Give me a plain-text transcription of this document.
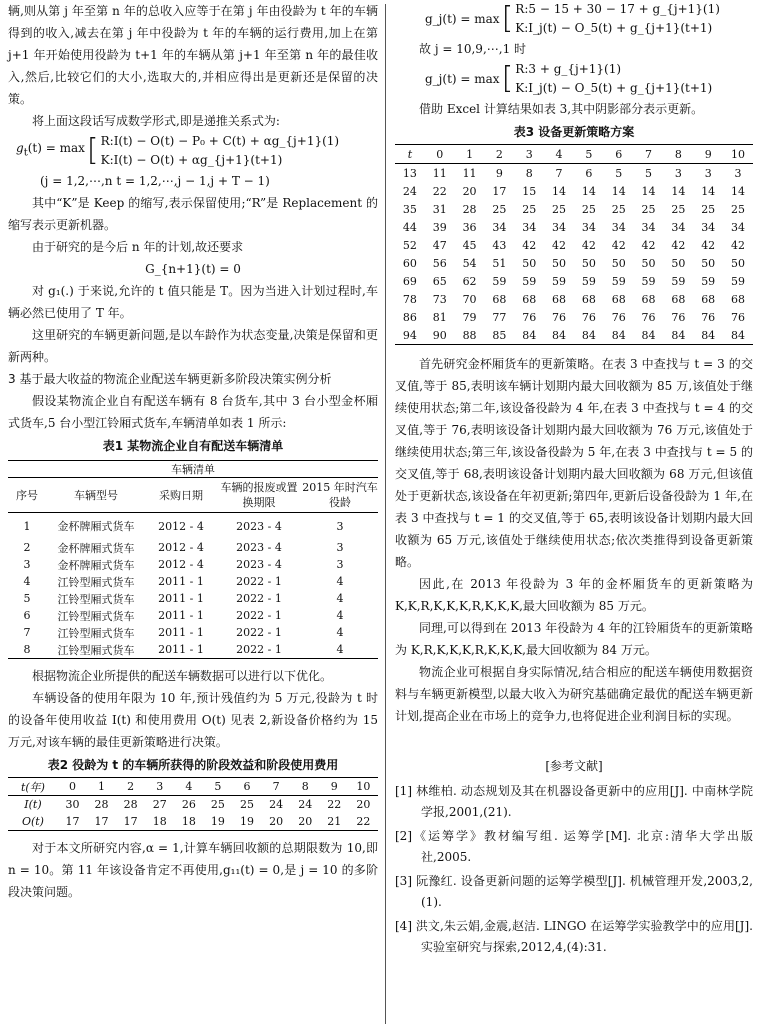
辆,则从第 j 年至第 n 年的总收入应等于在第 j 年由役龄为 t 年的车辆得到的收入,减去在第 j 年中役龄为 t 年的车辆的运行费用,加上在第 j+1 年开始使用役龄为 t+1 年的车辆从第 j+1 年至第 n 年的最佳收入,然后,比较它们的大小,选取大的,并相应得出是更新还是保留的决策。

将上面这段话写成数学形式,即是递推关系式为:

$g_t(t) = \max$ [ R:I(t) − O(t) − P₀ + C(t) + αg_{j+1}(1)
K:I(t) − O(t) + αg_{j+1}(t+1)
(j = 1,2,⋯,n t = 1,2,⋯,j − 1,j + T − 1)

其中“K”是 Keep 的缩写,表示保留使用;“R”是 Replacement 的缩写表示更新机器。

由于研究的是今后 n 年的计划,故还要求

G_{n+1}(t) = 0

对 g₁(.) 于来说,允许的 t 值只能是 T。因为当进入计划过程时,车辆必然已使用了 T 年。

这里研究的车辆更新问题,是以车龄作为状态变量,决策是保留和更新两种。

3 基于最大收益的物流企业配送车辆更新多阶段决策实例分析

假设某物流企业自有配送车辆有 8 台货车,其中 3 台小型金杯厢式货车,5 台小型江铃厢式货车,车辆清单如表 1 所示:

表1 某物流企业自有配送车辆清单
车辆清单				
序号	车辆型号	采购日期	车辆的报废或置换期限	2015 年时汽车役龄
1	金杯牌厢式货车	2012 - 4	2023 - 4	3
2	金杯牌厢式货车	2012 - 4	2023 - 4	3
3	金杯牌厢式货车	2012 - 4	2023 - 4	3
4	江铃型厢式货车	2011 - 1	2022 - 1	4
5	江铃型厢式货车	2011 - 1	2022 - 1	4
6	江铃型厢式货车	2011 - 1	2022 - 1	4
7	江铃型厢式货车	2011 - 1	2022 - 1	4
8	江铃型厢式货车	2011 - 1	2022 - 1	4

根据物流企业所提供的配送车辆数据可以进行以下优化。

车辆设备的使用年限为 10 年,预计残值约为 5 万元,役龄为 t 时的设备年使用收益 I(t) 和使用费用 O(t) 见表 2,新设备价格约为 15 万元,对该车辆的最佳更新策略进行决策。

表2 役龄为 t 的车辆所获得的阶段效益和阶段使用费用
t(年)	0	1	2	3	4	5	6	7	8	9	10
I(t)	30	28	28	27	26	25	25	24	24	22	20
O(t)	17	17	17	18	18	19	19	20	20	21	22

对于本文所研究内容,α = 1,计算车辆回收额的总期限数为 10,即 n = 10。第 11 年该设备肯定不再使用,g₁₁(t) = 0,是 j = 10 的多阶段决策问题。

g_j(t) = max [ R:5 − 15 + 30 − 17 + g_{j+1}(1)
K:I_j(t) − O_5(t) + g_{j+1}(t+1)

故 j = 10,9,⋯,1 时

g_j(t) = max [ R:3 + g_{j+1}(1)
K:I_j(t) − O_5(t) + g_{j+1}(t+1)

借助 Excel 计算结果如表 3,其中阴影部分表示更新。

表3 设备更新策略方案
t	0	1	2	3	4	5	6	7	8	9	10
13	11	11	9	8	7	6	5	5	3	3	3
24	22	20	17	15	14	14	14	14	14	14	14
35	31	28	25	25	25	25	25	25	25	25	25
44	39	36	34	34	34	34	34	34	34	34	34
52	47	45	43	42	42	42	42	42	42	42	42
60	56	54	51	50	50	50	50	50	50	50	50
69	65	62	59	59	59	59	59	59	59	59	59
78	73	70	68	68	68	68	68	68	68	68	68
86	81	79	77	76	76	76	76	76	76	76	76
94	90	88	85	84	84	84	84	84	84	84	84

首先研究金杯厢货车的更新策略。在表 3 中查找与 t = 3 的交叉值,等于 85,表明该车辆计划期内最大回收额为 85 万,该值处于继续使用状态;第二年,该设备役龄为 4 年,在表 3 中查找与 t = 4 的交叉值,等于 76,表明该设备计划期内最大回收额为 76 万元,该值处于继续使用状态;第三年,该设备役龄为 5 年,在表 3 中查找与 t = 5 的交叉值,等于 68,表明该设备计划期内最大回收额为 68 万元,但该值处于更新状态,该设备在年初更新;第四年,更新后设备役龄为 1 年,在表 3 中查找与 t = 1 的交叉值,等于 65,表明该设备计划期内最大回收额为 65 万元,该值处于继续使用状态;依次类推得到设备更新策略。

因此,在 2013 年役龄为 3 年的金杯厢货车的更新策略为 K,K,R,K,K,K,R,K,K,K,最大回收额为 85 万元。

同理,可以得到在 2013 年役龄为 4 年的江铃厢货车的更新策略为 K,R,K,K,K,R,K,K,K,最大回收额为 84 万元。

物流企业可根据自身实际情况,结合相应的配送车辆使用数据资料与车辆更新模型,以最大收入为研究基础确定最优的配送车辆更新计划,提高企业在市场上的竞争力,也将促进企业利润目标的实现。

[参考文献]

[1] 林维柏. 动态规划及其在机器设备更新中的应用[J]. 中南林学院学报,2001,(21).

[2]《运筹学》教材编写组. 运筹学[M]. 北京:清华大学出版社,2005.

[3] 阮豫红. 设备更新问题的运筹学模型[J]. 机械管理开发,2003,2,(1).

[4] 洪文,朱云娟,金震,赵洁. LINGO 在运筹学实验教学中的应用[J]. 实验室研究与探索,2012,4,(4):31.
